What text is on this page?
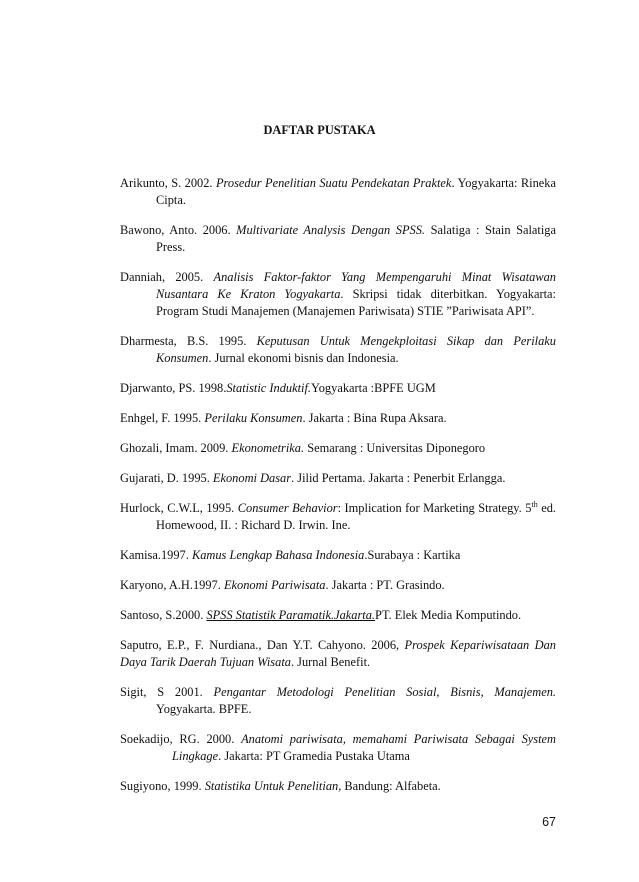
DAFTAR PUSTAKA

Arikunto, S. 2002. Prosedur Penelitian Suatu Pendekatan Praktek. Yogyakarta: Rineka Cipta.

Bawono, Anto. 2006. Multivariate Analysis Dengan SPSS. Salatiga : Stain Salatiga Press.

Danniah, 2005. Analisis Faktor-faktor Yang Mempengaruhi Minat Wisatawan Nusantara Ke Kraton Yogyakarta. Skripsi tidak diterbitkan. Yogyakarta: Program Studi Manajemen (Manajemen Pariwisata) STIE ”Pariwisata API”.

Dharmesta, B.S. 1995. Keputusan Untuk Mengekploitasi Sikap dan Perilaku Konsumen. Jurnal ekonomi bisnis dan Indonesia.

Djarwanto, PS. 1998.Statistic Induktif.Yogyakarta :BPFE UGM

Enhgel, F. 1995. Perilaku Konsumen. Jakarta : Bina Rupa Aksara.

Ghozali, Imam. 2009. Ekonometrika. Semarang : Universitas Diponegoro

Gujarati, D. 1995. Ekonomi Dasar. Jilid Pertama. Jakarta : Penerbit Erlangga.

Hurlock, C.W.L, 1995. Consumer Behavior: Implication for Marketing Strategy. 5th ed. Homewood, II. : Richard D. Irwin. Ine.

Kamisa.1997. Kamus Lengkap Bahasa Indonesia.Surabaya : Kartika

Karyono, A.H.1997. Ekonomi Pariwisata. Jakarta : PT. Grasindo.

Santoso, S.2000. SPSS Statistik Paramatik.Jakarta.PT. Elek Media Komputindo.

Saputro, E.P., F. Nurdiana., Dan Y.T. Cahyono. 2006, Prospek Kepariwisataan Dan Daya Tarik Daerah Tujuan Wisata. Jurnal Benefit.

Sigit, S 2001. Pengantar Metodologi Penelitian Sosial, Bisnis, Manajemen. Yogyakarta. BPFE.

Soekadijo, RG. 2000. Anatomi pariwisata, memahami Pariwisata Sebagai System Lingkage. Jakarta: PT Gramedia Pustaka Utama

Sugiyono, 1999. Statistika Untuk Penelitian, Bandung: Alfabeta.

67
